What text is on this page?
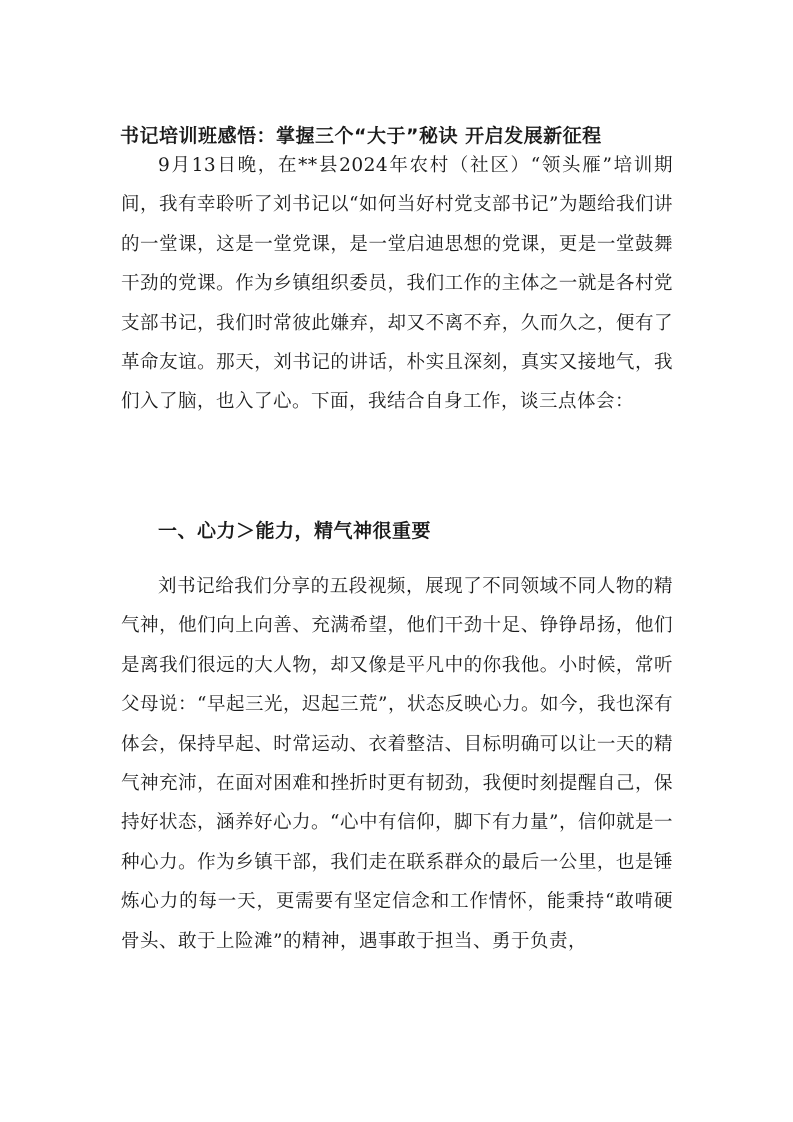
书记培训班感悟：掌握三个“大于”秘诀 开启发展新征程

9月13日晚，在**县2024年农村（社区）“领头雁”培训期间，我有幸聆听了刘书记以“如何当好村党支部书记”为题给我们讲的一堂课，这是一堂党课，是一堂启迪思想的党课，更是一堂鼓舞干劲的党课。作为乡镇组织委员，我们工作的主体之一就是各村党支部书记，我们时常彼此嫌弃，却又不离不弃，久而久之，便有了革命友谊。那天，刘书记的讲话，朴实且深刻，真实又接地气，我们入了脑，也入了心。下面，我结合自身工作，谈三点体会：

一、心力＞能力，精气神很重要

刘书记给我们分享的五段视频，展现了不同领域不同人物的精气神，他们向上向善、充满希望，他们干劲十足、铮铮昂扬，他们是离我们很远的大人物，却又像是平凡中的你我他。小时候，常听父母说：“早起三光，迟起三荒”，状态反映心力。如今，我也深有体会，保持早起、时常运动、衣着整洁、目标明确可以让一天的精气神充沛，在面对困难和挫折时更有韧劲，我便时刻提醒自己，保持好状态，涵养好心力。“心中有信仰，脚下有力量”，信仰就是一种心力。作为乡镇干部，我们走在联系群众的最后一公里，也是锤炼心力的每一天，更需要有坚定信念和工作情怀，能秉持“敢啃硬骨头、敢于上险滩”的精神，遇事敢于担当、勇于负责，
